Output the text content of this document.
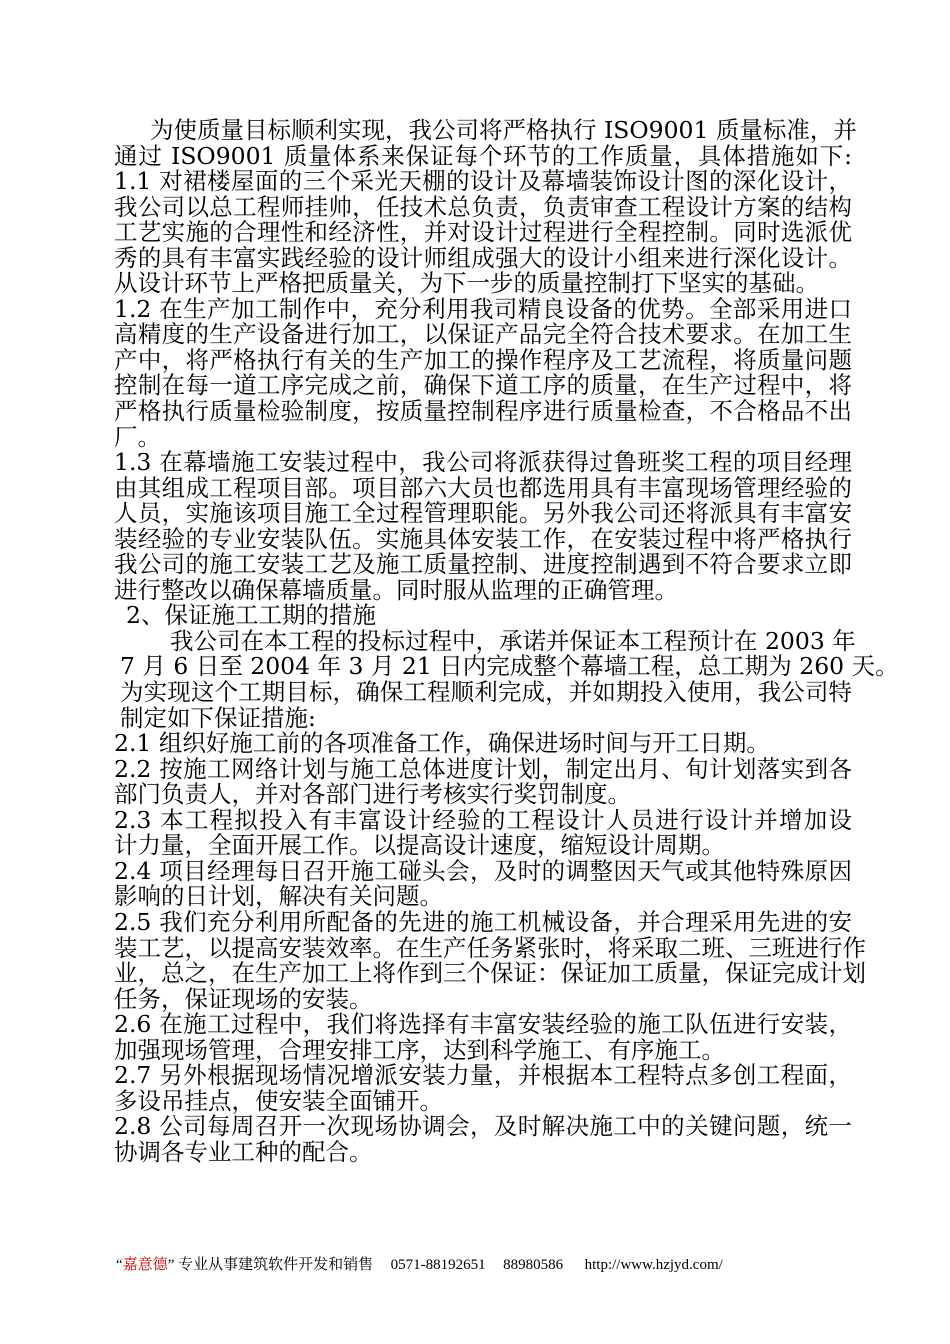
为使质量目标顺利实现，我公司将严格执行 ISO9001 质量标准，并
通过 ISO9001 质量体系来保证每个环节的工作质量，具体措施如下:
1.1 对裙楼屋面的三个采光天棚的设计及幕墙装饰设计图的深化设计，
我公司以总工程师挂帅，任技术总负责，负责审查工程设计方案的结构
工艺实施的合理性和经济性，并对设计过程进行全程控制。同时选派优
秀的具有丰富实践经验的设计师组成强大的设计小组来进行深化设计。
从设计环节上严格把质量关，为下一步的质量控制打下坚实的基础。
1.2 在生产加工制作中，充分利用我司精良设备的优势。全部采用进口
高精度的生产设备进行加工，以保证产品完全符合技术要求。在加工生
产中，将严格执行有关的生产加工的操作程序及工艺流程，将质量问题
控制在每一道工序完成之前，确保下道工序的质量，在生产过程中，将
严格执行质量检验制度，按质量控制程序进行质量检查，不合格品不出
厂。
1.3 在幕墙施工安装过程中，我公司将派获得过鲁班奖工程的项目经理
由其组成工程项目部。项目部六大员也都选用具有丰富现场管理经验的
人员，实施该项目施工全过程管理职能。另外我公司还将派具有丰富安
装经验的专业安装队伍。实施具体安装工作，在安装过程中将严格执行
我公司的施工安装工艺及施工质量控制、进度控制遇到不符合要求立即
进行整改以确保幕墙质量。同时服从监理的正确管理。
2、保证施工工期的措施
我公司在本工程的投标过程中，承诺并保证本工程预计在 2003 年
7 月 6 日至 2004 年 3 月 21 日内完成整个幕墙工程，总工期为 260 天。
为实现这个工期目标，确保工程顺利完成，并如期投入使用，我公司特
制定如下保证措施:
2.1 组织好施工前的各项准备工作，确保进场时间与开工日期。
2.2 按施工网络计划与施工总体进度计划，制定出月、旬计划落实到各
部门负责人，并对各部门进行考核实行奖罚制度。
2.3 本工程拟投入有丰富设计经验的工程设计人员进行设计并增加设
计力量，全面开展工作。以提高设计速度，缩短设计周期。
2.4 项目经理每日召开施工碰头会，及时的调整因天气或其他特殊原因
影响的日计划，解决有关问题。
2.5 我们充分利用所配备的先进的施工机械设备，并合理采用先进的安
装工艺，以提高安装效率。在生产任务紧张时，将采取二班、三班进行作
业，总之，在生产加工上将作到三个保证：保证加工质量，保证完成计划
任务，保证现场的安装。
2.6 在施工过程中，我们将选择有丰富安装经验的施工队伍进行安装，
加强现场管理，合理安排工序，达到科学施工、有序施工。
2.7 另外根据现场情况增派安装力量，并根据本工程特点多创工程面，
多设吊挂点，使安装全面铺开。
2.8 公司每周召开一次现场协调会，及时解决施工中的关键问题，统一
协调各专业工种的配合。
“嘉意德” 专业从事建筑软件开发和销售 0571-88192651 88980586 http://www.hzjyd.com/
